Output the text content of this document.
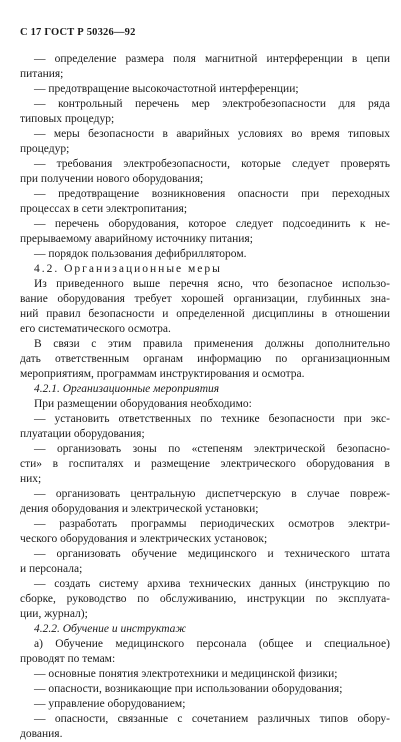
С 17 ГОСТ Р 50326—92
— определение размера поля магнитной интерференции в цепи
питания;
— предотвращение высокочастотной интерференции;
— контрольный перечень мер электробезопасности для ряда
типовых процедур;
— меры безопасности в аварийных условиях во время типовых
процедур;
— требования электробезопасности, которые следует проверять
при получении нового оборудования;
— предотвращение возникновения опасности при переходных
процессах в сети электропитания;
— перечень оборудования, которое следует подсоединить к не-
прерываемому аварийному источнику питания;
— порядок пользования дефибриллятором.
4.2. Организационные меры
Из приведенного выше перечня ясно, что безопасное использо-
вание оборудования требует хорошей организации, глубинных зна-
ний правил безопасности и определенной дисциплины в отношении
его систематического осмотра.
В связи с этим правила применения должны дополнительно
дать ответственным органам информацию по организационным
мероприятиям, программам инструктирования и осмотра.
4.2.1. Организационные мероприятия
При размещении оборудования необходимо:
— установить ответственных по технике безопасности при экс-
плуатации оборудования;
— организовать зоны по «степеням электрической безопасно-
сти» в госпиталях и размещение электрического оборудования в
них;
— организовать центральную диспетчерскую в случае повреж-
дения оборудования и электрической установки;
— разработать программы периодических осмотров электри-
ческого оборудования и электрических установок;
— организовать обучение медицинского и технического штата
и персонала;
— создать систему архива технических данных (инструкцию по
сборке, руководство по обслуживанию, инструкции по эксплуата-
ции, журнал);
4.2.2. Обучение и инструктаж
а) Обучение медицинского персонала (общее и специальное)
проводят по темам:
— основные понятия электротехники и медицинской физики;
— опасности, возникающие при использовании оборудования;
— управление оборудованием;
— опасности, связанные с сочетанием различных типов обору-
дования.
